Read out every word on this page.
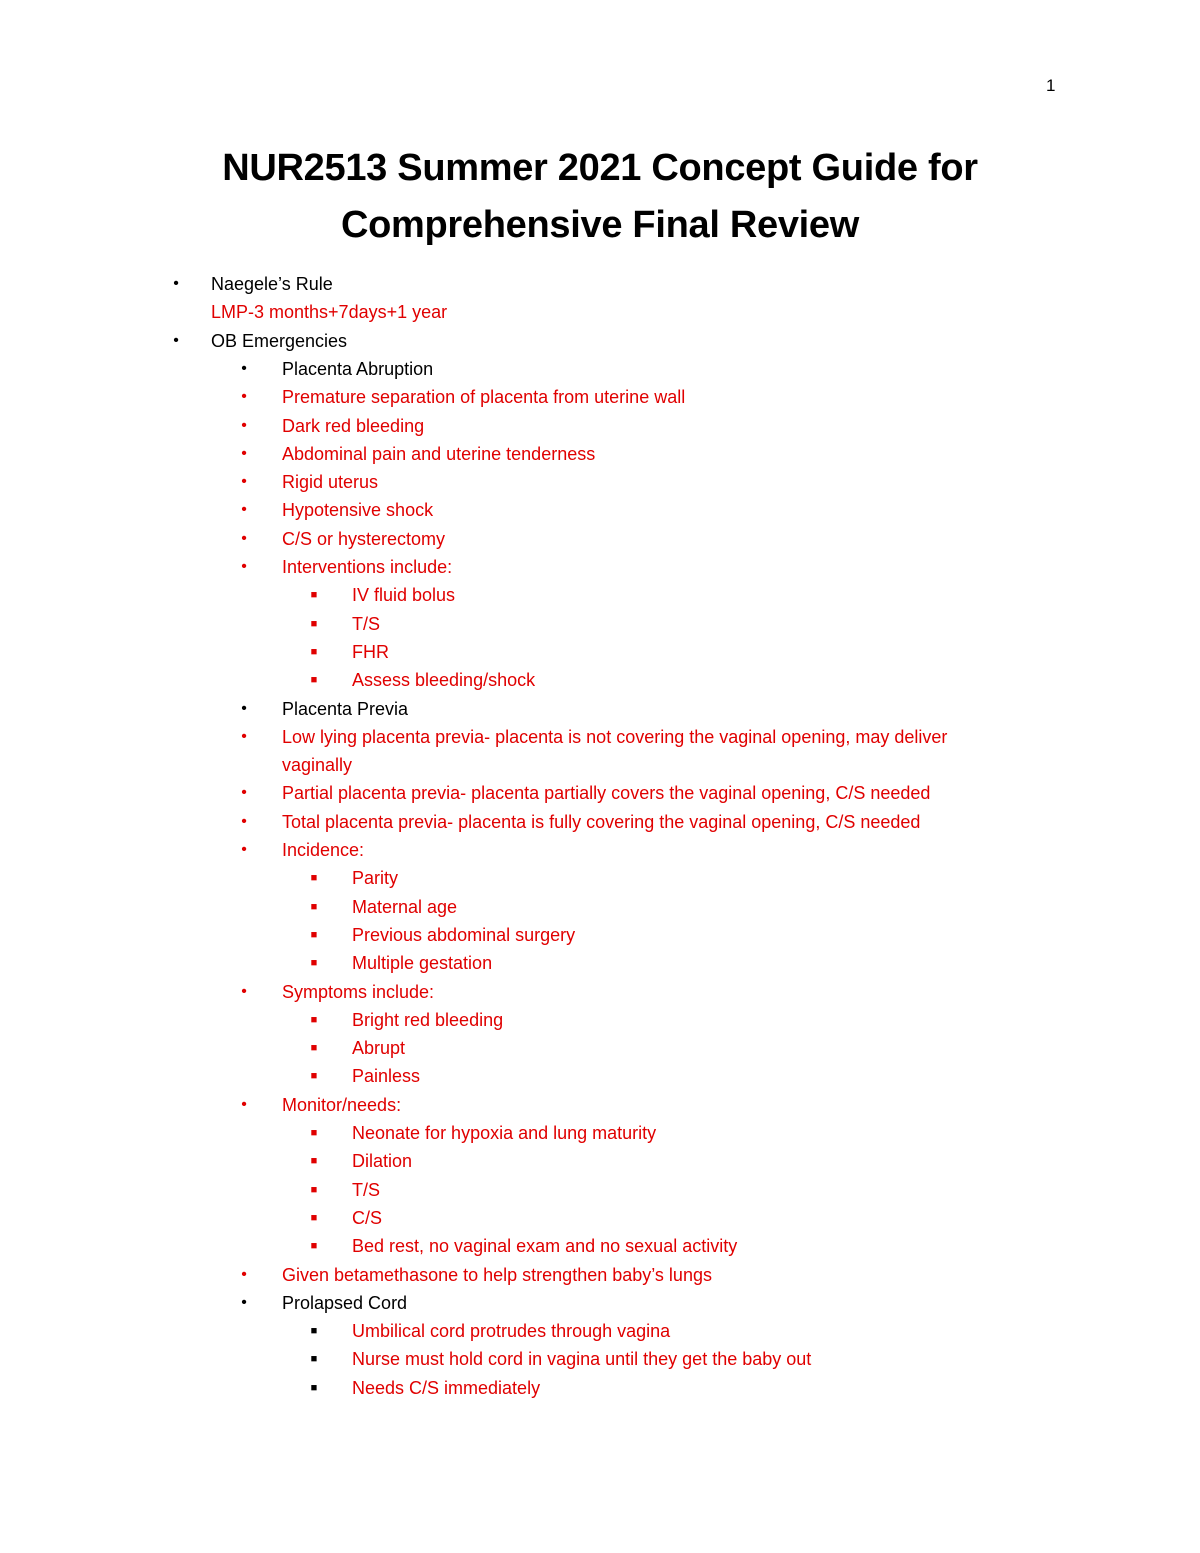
1
NUR2513 Summer 2021 Concept Guide for
Comprehensive Final Review
• Naegele’s Rule
LMP-3 months+7days+1 year
• OB Emergencies
• Placenta Abruption
• Premature separation of placenta from uterine wall
• Dark red bleeding
• Abdominal pain and uterine tenderness
• Rigid uterus
• Hypotensive shock
• C/S or hysterectomy
• Interventions include:
■ IV fluid bolus
■ T/S
■ FHR
■ Assess bleeding/shock
• Placenta Previa
• Low lying placenta previa- placenta is not covering the vaginal opening, may deliver
vaginally
• Partial placenta previa- placenta partially covers the vaginal opening, C/S needed
• Total placenta previa- placenta is fully covering the vaginal opening, C/S needed
• Incidence:
■ Parity
■ Maternal age
■ Previous abdominal surgery
■ Multiple gestation
• Symptoms include:
■ Bright red bleeding
■ Abrupt
■ Painless
• Monitor/needs:
■ Neonate for hypoxia and lung maturity
■ Dilation
■ T/S
■ C/S
■ Bed rest, no vaginal exam and no sexual activity
• Given betamethasone to help strengthen baby’s lungs
• Prolapsed Cord
■ Umbilical cord protrudes through vagina
■ Nurse must hold cord in vagina until they get the baby out
■ Needs C/S immediately
